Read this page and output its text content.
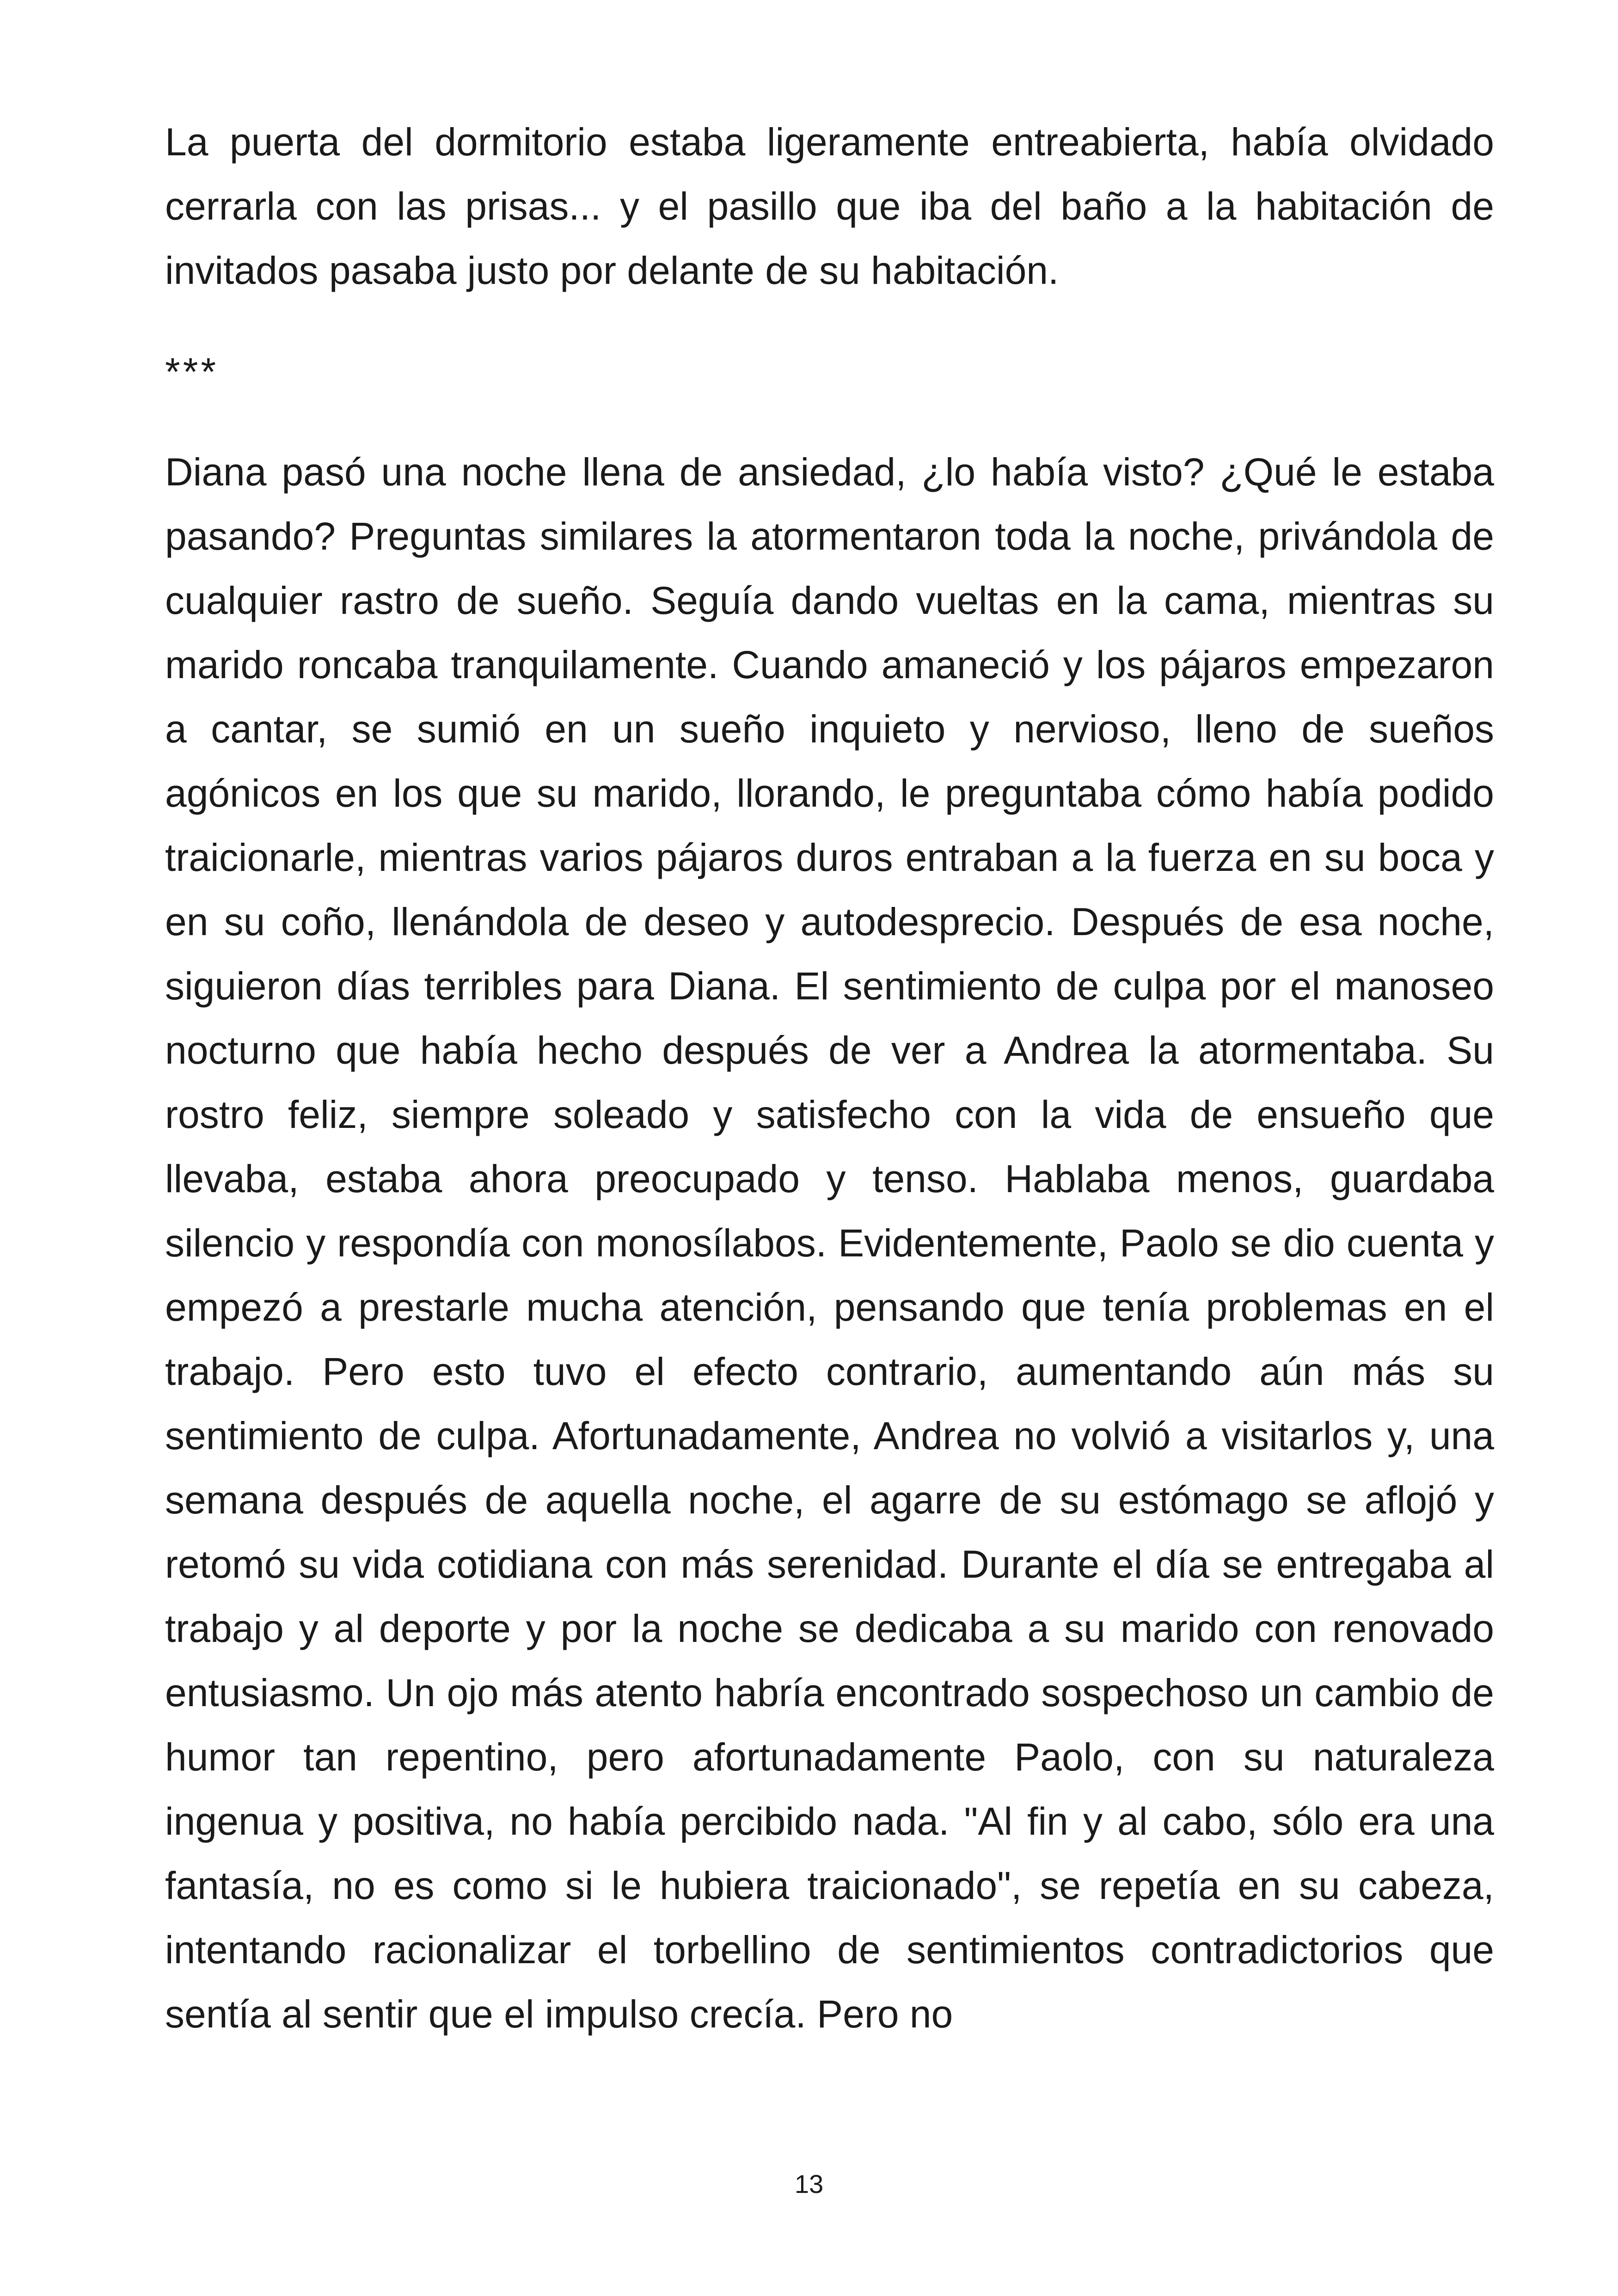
La puerta del dormitorio estaba ligeramente entreabierta, había olvidado cerrarla con las prisas... y el pasillo que iba del baño a la habitación de invitados pasaba justo por delante de su habitación.

***

Diana pasó una noche llena de ansiedad, ¿lo había visto? ¿Qué le estaba pasando? Preguntas similares la atormentaron toda la noche, privándola de cualquier rastro de sueño. Seguía dando vueltas en la cama, mientras su marido roncaba tranquilamente. Cuando amaneció y los pájaros empezaron a cantar, se sumió en un sueño inquieto y nervioso, lleno de sueños agónicos en los que su marido, llorando, le preguntaba cómo había podido traicionarle, mientras varios pájaros duros entraban a la fuerza en su boca y en su coño, llenándola de deseo y autodesprecio. Después de esa noche, siguieron días terribles para Diana. El sentimiento de culpa por el manoseo nocturno que había hecho después de ver a Andrea la atormentaba. Su rostro feliz, siempre soleado y satisfecho con la vida de ensueño que llevaba, estaba ahora preocupado y tenso. Hablaba menos, guardaba silencio y respondía con monosílabos. Evidentemente, Paolo se dio cuenta y empezó a prestarle mucha atención, pensando que tenía problemas en el trabajo. Pero esto tuvo el efecto contrario, aumentando aún más su sentimiento de culpa. Afortunadamente, Andrea no volvió a visitarlos y, una semana después de aquella noche, el agarre de su estómago se aflojó y retomó su vida cotidiana con más serenidad. Durante el día se entregaba al trabajo y al deporte y por la noche se dedicaba a su marido con renovado entusiasmo. Un ojo más atento habría encontrado sospechoso un cambio de humor tan repentino, pero afortunadamente Paolo, con su naturaleza ingenua y positiva, no había percibido nada. "Al fin y al cabo, sólo era una fantasía, no es como si le hubiera traicionado", se repetía en su cabeza, intentando racionalizar el torbellino de sentimientos contradictorios que sentía al sentir que el impulso crecía. Pero no

13
